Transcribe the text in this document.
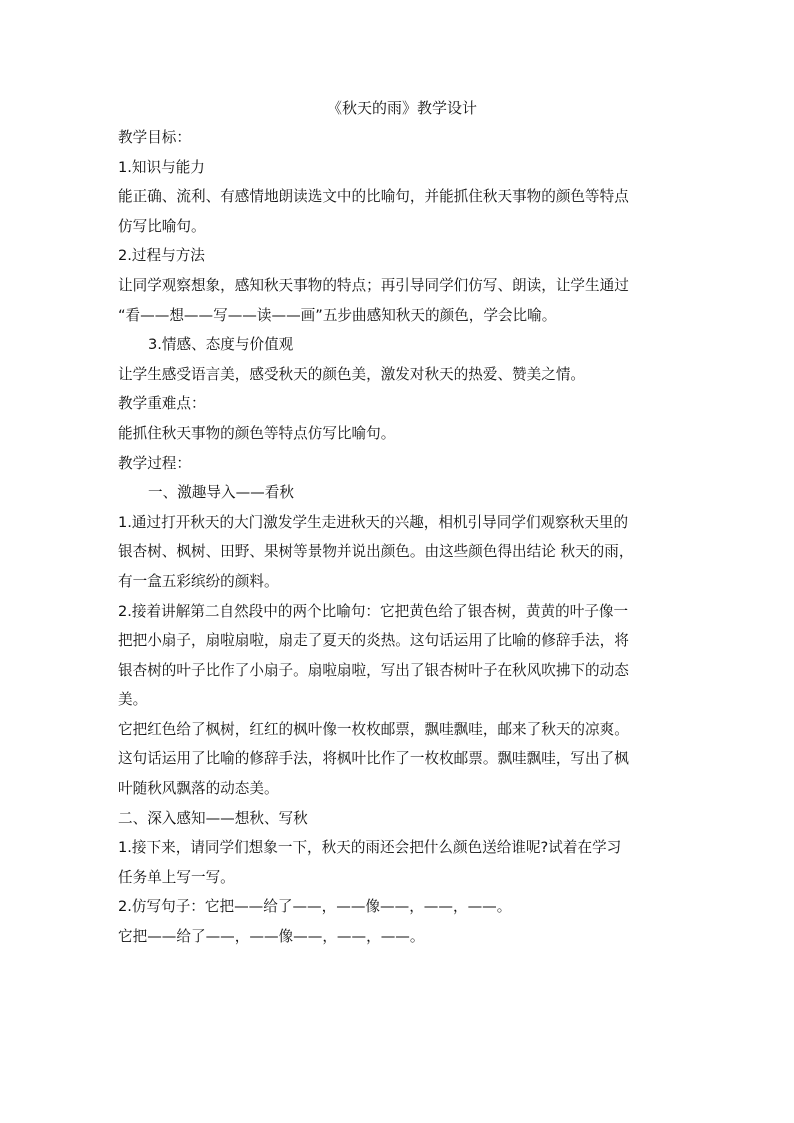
《秋天的雨》教学设计

教学目标：

1.知识与能力

能正确、流利、有感情地朗读选文中的比喻句，并能抓住秋天事物的颜色等特点
仿写比喻句。

2.过程与方法

让同学观察想象，感知秋天事物的特点；再引导同学们仿写、朗读，让学生通过
“看——想——写——读——画”五步曲感知秋天的颜色，学会比喻。

3.情感、态度与价值观

让学生感受语言美，感受秋天的颜色美，激发对秋天的热爱、赞美之情。

教学重难点：

能抓住秋天事物的颜色等特点仿写比喻句。

教学过程：

一、激趣导入——看秋

1.通过打开秋天的大门激发学生走进秋天的兴趣，相机引导同学们观察秋天里的
银杏树、枫树、田野、果树等景物并说出颜色。由这些颜色得出结论 秋天的雨，
有一盒五彩缤纷的颜料。

2.接着讲解第二自然段中的两个比喻句：它把黄色给了银杏树，黄黄的叶子像一
把把小扇子，扇啦扇啦，扇走了夏天的炎热。这句话运用了比喻的修辞手法，将
银杏树的叶子比作了小扇子。扇啦扇啦，写出了银杏树叶子在秋风吹拂下的动态
美。

它把红色给了枫树，红红的枫叶像一枚枚邮票，飘哇飘哇，邮来了秋天的凉爽。
这句话运用了比喻的修辞手法，将枫叶比作了一枚枚邮票。飘哇飘哇，写出了枫
叶随秋风飘落的动态美。

二、深入感知——想秋、写秋

1.接下来，请同学们想象一下，秋天的雨还会把什么颜色送给谁呢?试着在学习
任务单上写一写。

2.仿写句子：它把——给了——，——像——，——，——。

它把——给了——，——像——，——，——。
